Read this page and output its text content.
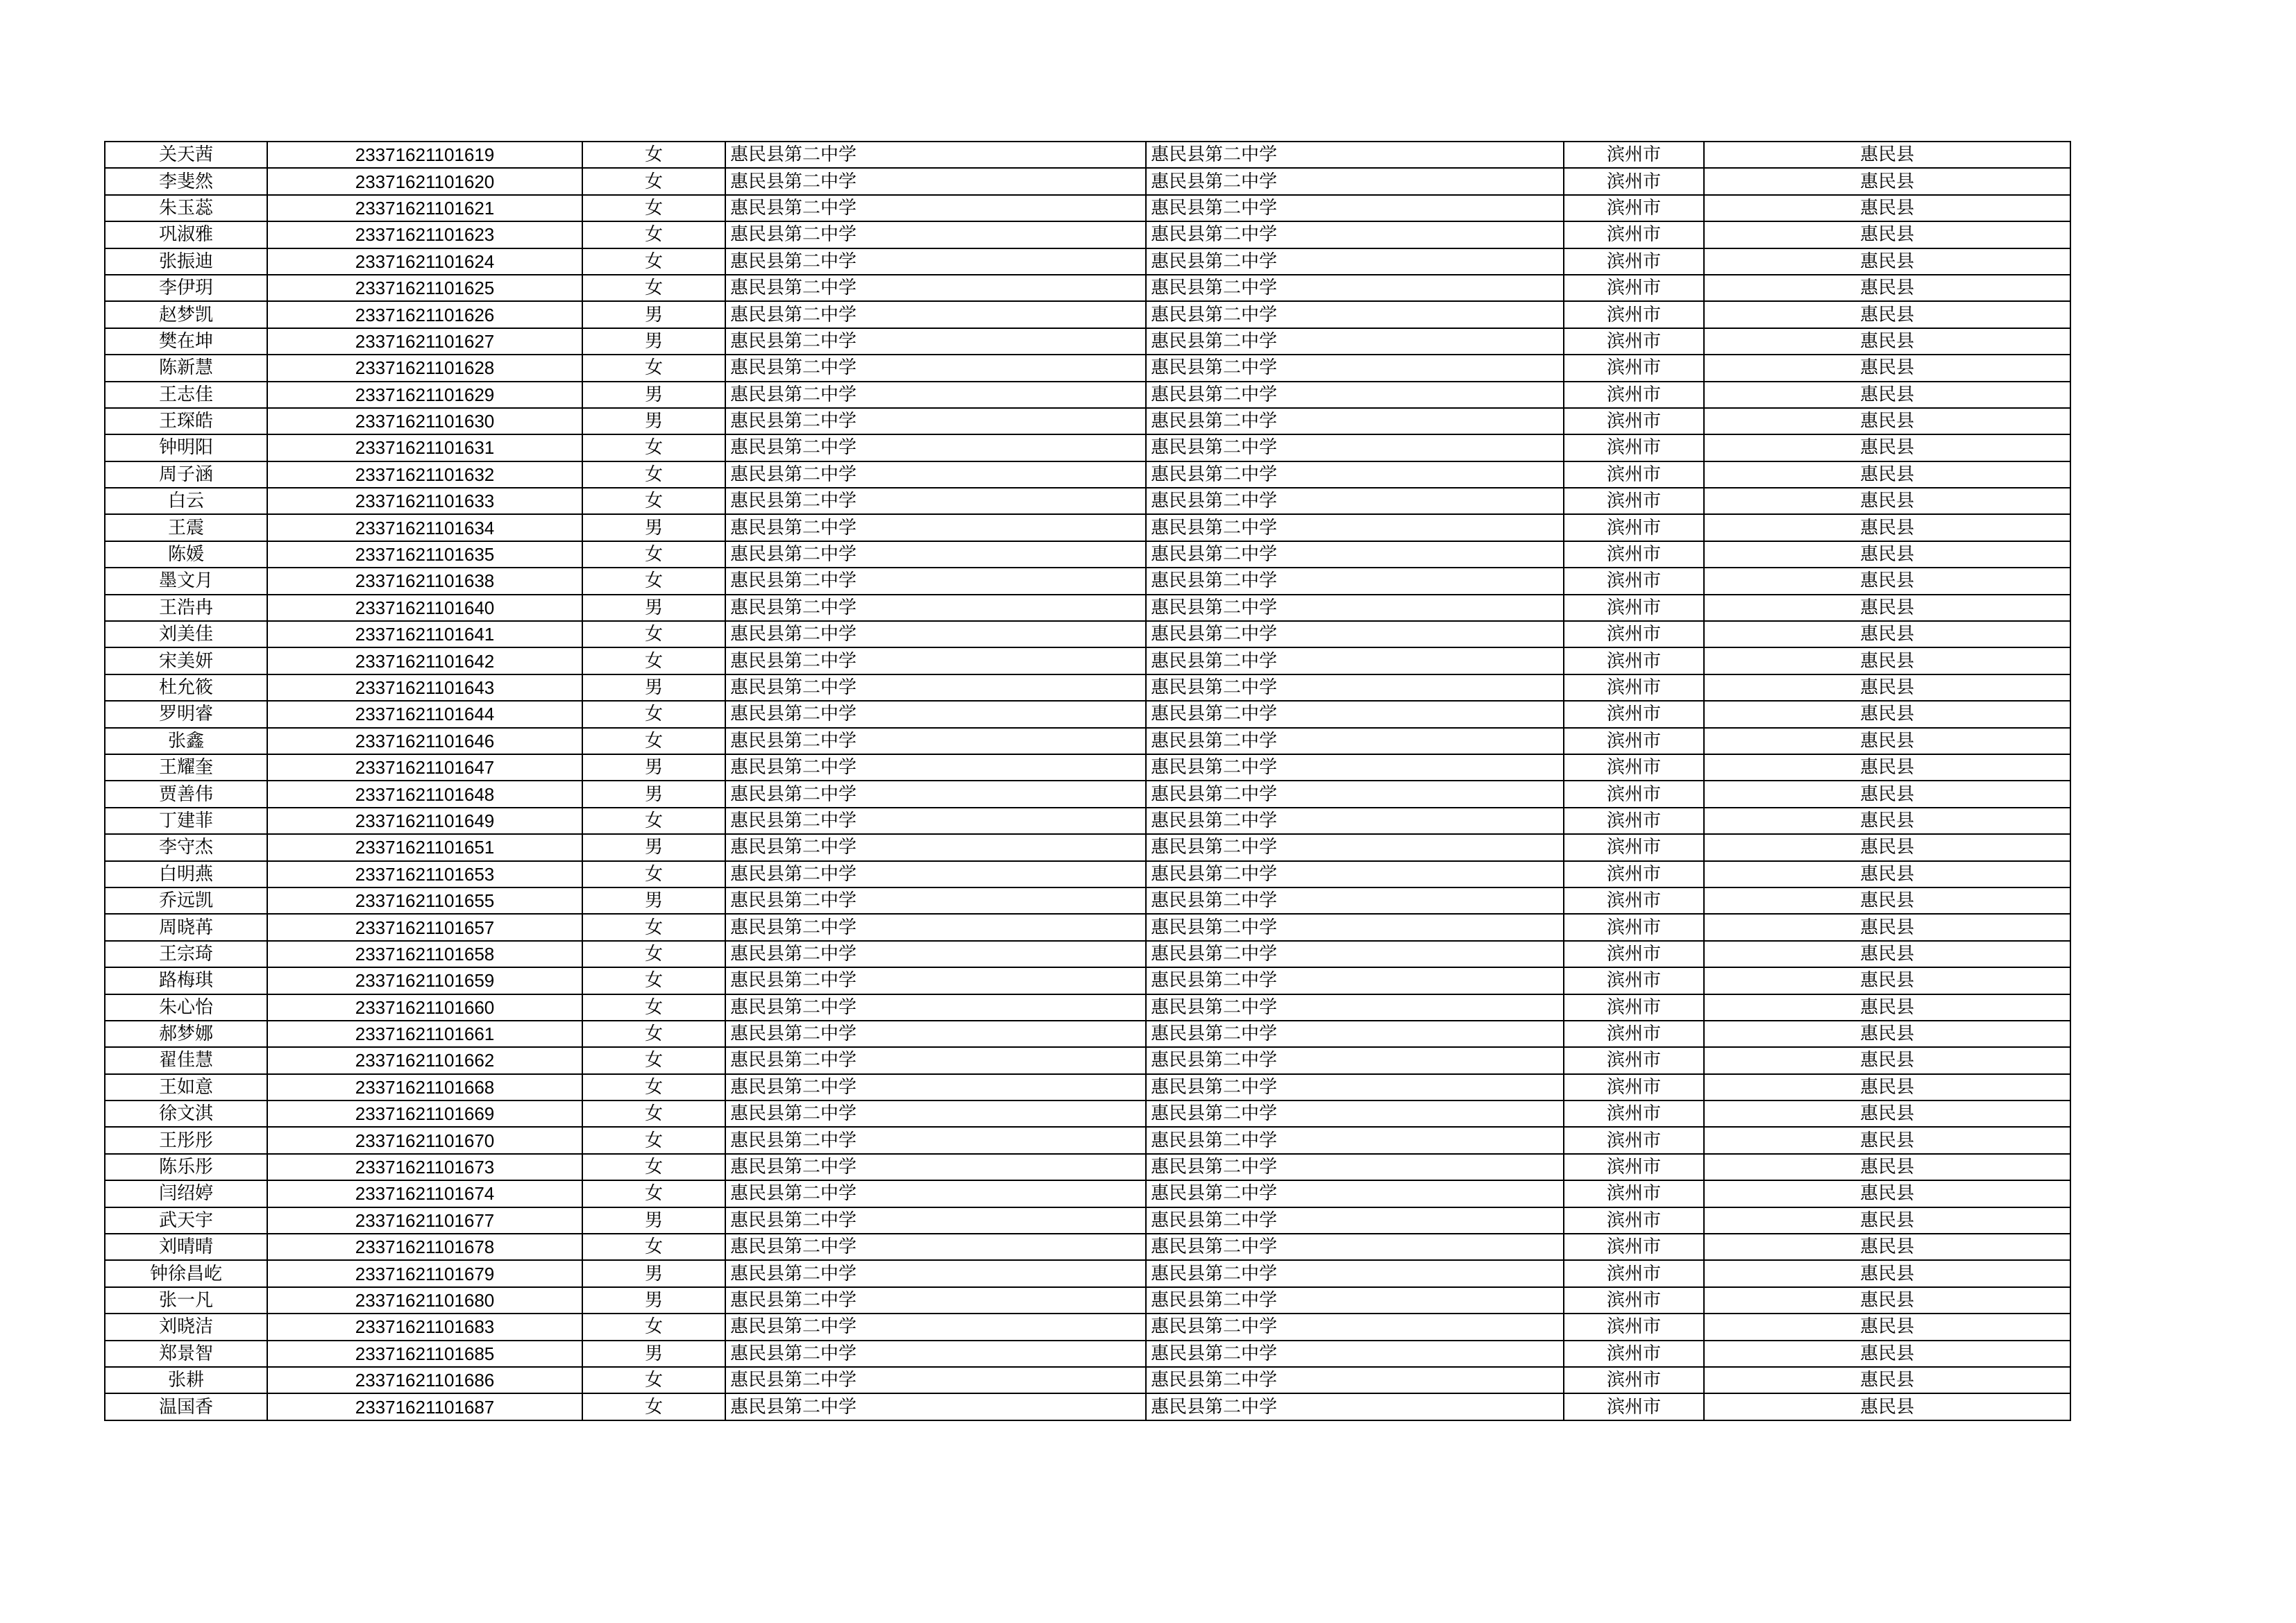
关天茜	23371621101619	女	惠民县第二中学	惠民县第二中学	滨州市	惠民县
李斐然	23371621101620	女	惠民县第二中学	惠民县第二中学	滨州市	惠民县
朱玉蕊	23371621101621	女	惠民县第二中学	惠民县第二中学	滨州市	惠民县
巩淑雅	23371621101623	女	惠民县第二中学	惠民县第二中学	滨州市	惠民县
张振迪	23371621101624	女	惠民县第二中学	惠民县第二中学	滨州市	惠民县
李伊玥	23371621101625	女	惠民县第二中学	惠民县第二中学	滨州市	惠民县
赵梦凯	23371621101626	男	惠民县第二中学	惠民县第二中学	滨州市	惠民县
樊在坤	23371621101627	男	惠民县第二中学	惠民县第二中学	滨州市	惠民县
陈新慧	23371621101628	女	惠民县第二中学	惠民县第二中学	滨州市	惠民县
王志佳	23371621101629	男	惠民县第二中学	惠民县第二中学	滨州市	惠民县
王琛皓	23371621101630	男	惠民县第二中学	惠民县第二中学	滨州市	惠民县
钟明阳	23371621101631	女	惠民县第二中学	惠民县第二中学	滨州市	惠民县
周子涵	23371621101632	女	惠民县第二中学	惠民县第二中学	滨州市	惠民县
白云	23371621101633	女	惠民县第二中学	惠民县第二中学	滨州市	惠民县
王震	23371621101634	男	惠民县第二中学	惠民县第二中学	滨州市	惠民县
陈媛	23371621101635	女	惠民县第二中学	惠民县第二中学	滨州市	惠民县
墨文月	23371621101638	女	惠民县第二中学	惠民县第二中学	滨州市	惠民县
王浩冉	23371621101640	男	惠民县第二中学	惠民县第二中学	滨州市	惠民县
刘美佳	23371621101641	女	惠民县第二中学	惠民县第二中学	滨州市	惠民县
宋美妍	23371621101642	女	惠民县第二中学	惠民县第二中学	滨州市	惠民县
杜允筱	23371621101643	男	惠民县第二中学	惠民县第二中学	滨州市	惠民县
罗明睿	23371621101644	女	惠民县第二中学	惠民县第二中学	滨州市	惠民县
张鑫	23371621101646	女	惠民县第二中学	惠民县第二中学	滨州市	惠民县
王耀奎	23371621101647	男	惠民县第二中学	惠民县第二中学	滨州市	惠民县
贾善伟	23371621101648	男	惠民县第二中学	惠民县第二中学	滨州市	惠民县
丁建菲	23371621101649	女	惠民县第二中学	惠民县第二中学	滨州市	惠民县
李守杰	23371621101651	男	惠民县第二中学	惠民县第二中学	滨州市	惠民县
白明燕	23371621101653	女	惠民县第二中学	惠民县第二中学	滨州市	惠民县
乔远凯	23371621101655	男	惠民县第二中学	惠民县第二中学	滨州市	惠民县
周晓苒	23371621101657	女	惠民县第二中学	惠民县第二中学	滨州市	惠民县
王宗琦	23371621101658	女	惠民县第二中学	惠民县第二中学	滨州市	惠民县
路梅琪	23371621101659	女	惠民县第二中学	惠民县第二中学	滨州市	惠民县
朱心怡	23371621101660	女	惠民县第二中学	惠民县第二中学	滨州市	惠民县
郝梦娜	23371621101661	女	惠民县第二中学	惠民县第二中学	滨州市	惠民县
翟佳慧	23371621101662	女	惠民县第二中学	惠民县第二中学	滨州市	惠民县
王如意	23371621101668	女	惠民县第二中学	惠民县第二中学	滨州市	惠民县
徐文淇	23371621101669	女	惠民县第二中学	惠民县第二中学	滨州市	惠民县
王彤彤	23371621101670	女	惠民县第二中学	惠民县第二中学	滨州市	惠民县
陈乐彤	23371621101673	女	惠民县第二中学	惠民县第二中学	滨州市	惠民县
闫绍婷	23371621101674	女	惠民县第二中学	惠民县第二中学	滨州市	惠民县
武天宇	23371621101677	男	惠民县第二中学	惠民县第二中学	滨州市	惠民县
刘晴晴	23371621101678	女	惠民县第二中学	惠民县第二中学	滨州市	惠民县
钟徐昌屹	23371621101679	男	惠民县第二中学	惠民县第二中学	滨州市	惠民县
张一凡	23371621101680	男	惠民县第二中学	惠民县第二中学	滨州市	惠民县
刘晓洁	23371621101683	女	惠民县第二中学	惠民县第二中学	滨州市	惠民县
郑景智	23371621101685	男	惠民县第二中学	惠民县第二中学	滨州市	惠民县
张耕	23371621101686	女	惠民县第二中学	惠民县第二中学	滨州市	惠民县
温国香	23371621101687	女	惠民县第二中学	惠民县第二中学	滨州市	惠民县
